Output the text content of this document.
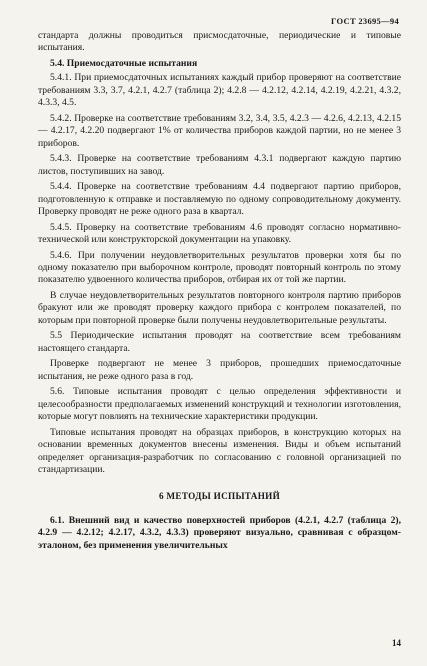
ГОСТ 23695—94

стандарта должны проводиться присмосдаточные, периодические и типовые испытания.

5.4. Приемосдаточные испытания

5.4.1. При приемосдаточных испытаниях каждый прибор проверяют на соответствие требованиям 3.3, 3.7, 4.2.1, 4.2.7 (таблица 2); 4.2.8 — 4.2.12, 4.2.14, 4.2.19, 4.2.21, 4.3.2, 4.3.3, 4.5.

5.4.2. Проверке на соответствие требованиям 3.2, 3.4, 3.5, 4.2.3 — 4.2.6, 4.2.13, 4.2.15 — 4.2.17, 4.2.20 подвергают 1% от количества приборов каждой партии, но не менее 3 приборов.

5.4.3. Проверке на соответствие требованиям 4.3.1 подвергают каждую партию листов, поступивших на завод.

5.4.4. Проверке на соответствие требованиям 4.4 подвергают партию приборов, подготовленную к отправке и поставляемую по одному сопроводительному документу. Проверку проводят не реже одного раза в квартал.

5.4.5. Проверку на соответствие требованиям 4.6 проводят согласно нормативно-технической или конструкторской документации на упаковку.

5.4.6. При получении неудовлетворительных результатов проверки хотя бы по одному показателю при выборочном контроле, проводят повторный контроль по этому показателю удвоенного количества приборов, отбирая их от той же партии.

В случае неудовлетворительных результатов повторного контроля партию приборов бракуют или же проводят проверку каждого прибора с контролем показателей, по которым при повторной проверке были получены неудовлетворительные результаты.

5.5 Периодические испытания проводят на соответствие всем требованиям настоящего стандарта.

Проверке подвергают не менее 3 приборов, прошедших приемосдаточные испытания, не реже одного раза в год.

5.6. Типовые испытания проводят с целью определения эффективности и целесообразности предполагаемых изменений конструкций и технологии изготовления, которые могут повлиять на технические характеристики продукции.

Типовые испытания проводят на образцах приборов, в конструкцию которых на основании временных документов внесены изменения. Виды и объем испытаний определяет организация-разработчик по согласованию с головной организацией по стандартизации.

6 МЕТОДЫ ИСПЫТАНИЙ

6.1. Внешний вид и качество поверхностей приборов (4.2.1, 4.2.7 (таблица 2), 4.2.9 — 4.2.12; 4.2.17, 4.3.2, 4.3.3) проверяют визуально, сравнивая с образцом-эталоном, без применения увеличительных

14
